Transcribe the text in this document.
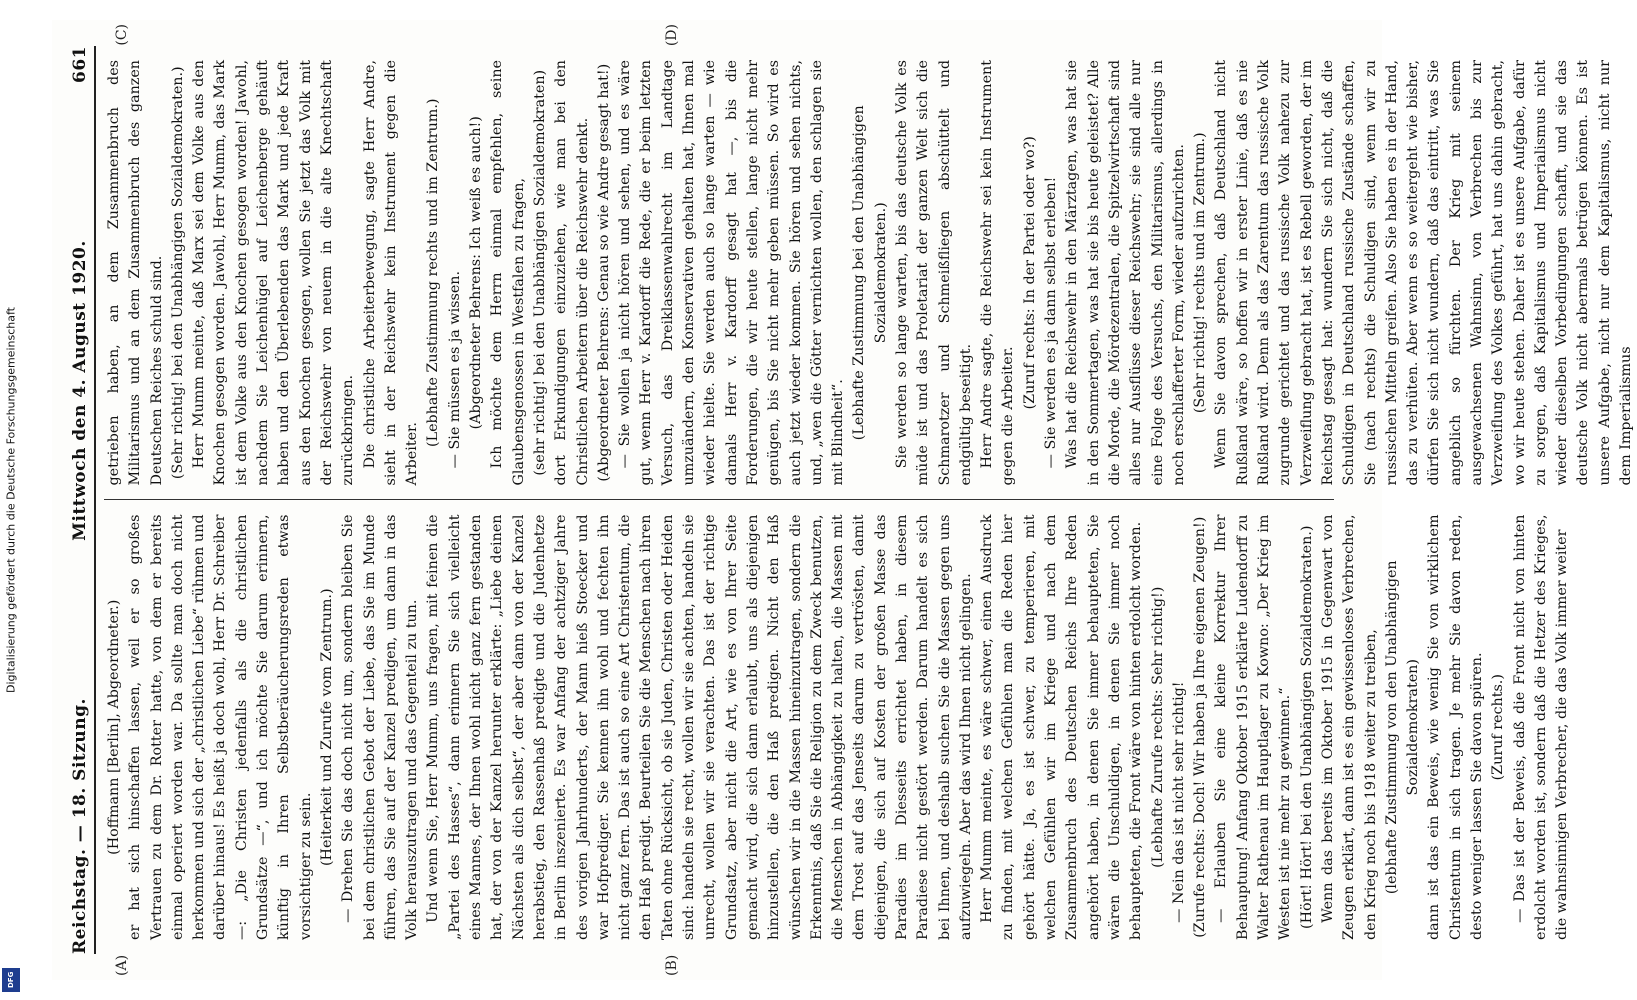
Digitalisierung gefördert durch die Deutsche Forschungsgemeinschaft
DFG
Reichstag. — 18. Sitzung.
Mittwoch den 4. August 1920.
661
(A)	(B)
(C)	(D)

(Hoffmann [Berlin], Abgeordneter.) er hat sich hinschaffen lassen, weil er so großes Vertrauen zu dem Dr. Rotter hatte, von dem er bereits einmal operiert worden war. Da sollte man doch nicht herkommen und sich der „christlichen Liebe“ rühmen und darüber hinaus! Es heißt ja doch wohl, Herr Dr. Schreiber —: „Die Christen jedenfalls als die christlichen Grundsätze —“, und ich möchte Sie darum erinnern, künftig in Ihren Selbstberäucherungsreden etwas vorsichtiger zu sein.

(Heiterkeit und Zurufe vom Zentrum.) — Drehen Sie das doch nicht um, sondern bleiben Sie bei dem christlichen Gebot der Liebe, das Sie im Munde führen, das Sie auf der Kanzel predigen, um dann in das Volk herauszutragen und das Gegenteil zu tun. Und wenn Sie, Herr Mumm, uns fragen, mit feinen die „Partei des Hasses“, dann erinnern Sie sich vielleicht eines Mannes, der Ihnen wohl nicht ganz fern gestanden hat, der von der Kanzel herunter erklärte: „Liebe deinen Nächsten als dich selbst“, der aber dann von der Kanzel herabstieg, den Rassenhaß predigte und die Judenhetze in Berlin inszenierte. Es war Anfang der achtziger Jahre des vorigen Jahrhunderts, der Mann hieß Stoecker und war Hofprediger. Sie kennen ihn wohl und fechten ihn nicht ganz fern. Das ist auch so eine Art Christentum, die den Haß predigt. Beurteilen Sie die Menschen nach ihren Taten ohne Rücksicht, ob sie Juden, Christen oder Heiden sind: handeln sie recht, wollen wir sie achten, handeln sie unrecht, wollen wir sie verachten. Das ist der richtige Grundsatz, aber nicht die Art, wie es von Ihrer Seite gemacht wird, die sich dann erlaubt, uns als diejenigen hinzustellen, die den Haß predigen. Nicht den Haß wünschen wir in die Massen hineinzutragen, sondern die Erkenntnis, daß Sie die Religion zu dem Zweck benutzen, die Menschen in Abhängigkeit zu halten, die Massen mit dem Trost auf das Jenseits darum zu vertrösten, damit diejenigen, die sich auf Kosten der großen Masse das Paradies im Diesseits errichtet haben, in diesem Paradiese nicht gestört werden. Darum handelt es sich bei Ihnen, und deshalb suchen Sie die Massen gegen uns aufzuwiegeln. Aber das wird Ihnen nicht gelingen. Herr Mumm meinte, es wäre schwer, einen Ausdruck zu finden, mit welchen Gefühlen man die Reden hier gehört hätte. Ja, es ist schwer, zu temperieren, mit welchen Gefühlen wir im Kriege und nach dem Zusammenbruch des Deutschen Reichs Ihre Reden angehört haben, in denen Sie immer behaupteten, Sie wären die Unschuldigen, in denen Sie immer noch behaupteten, die Front wäre von hinten erdolcht worden. (Lebhafte Zurufe rechts: Sehr richtig!) — Nein das ist nicht sehr richtig! (Zurufe rechts: Doch! Wir haben ja Ihre eigenen Zeugen!) — Erlauben Sie eine kleine Korrektur Ihrer Behauptung! Anfang Oktober 1915 erklärte Ludendorff zu Walter Rathenau im Hauptlager zu Kowno: „Der Krieg im Westen ist nie mehr zu gewinnen.“ (Hört! Hört! bei den Unabhängigen Sozialdemokraten.) Wenn das bereits im Oktober 1915 in Gegenwart von Zeugen erklärt, dann ist es ein gewissenloses Verbrechen, den Krieg noch bis 1918 weiter zu treiben, (lebhafte Zustimmung von den Unabhängigen Sozialdemokraten) dann ist das ein Beweis, wie wenig Sie von wirklichem Christentum in sich tragen. Je mehr Sie davon reden, desto weniger lassen Sie davon spüren. (Zuruf rechts.) — Das ist der Beweis, daß die Front nicht von hinten erdolcht worden ist, sondern daß die Hetzer des Krieges, die wahnsinnigen Verbrecher, die das Volk immer weiter

getrieben haben, an dem Zusammenbruch des Militarismus und an dem Zusammenbruch des ganzen Deutschen Reiches schuld sind. (Sehr richtig! bei den Unabhängigen Sozialdemokraten.) Herr Mumm meinte, daß Marx sei dem Volke aus den Knochen gesogen worden. Jawohl, Herr Mumm, das Mark ist dem Volke aus den Knochen gesogen worden! Jawohl, nachdem Sie Leichenhügel auf Leichenberge gehäuft haben und den Überlebenden das Mark und jede Kraft aus den Knochen gesogen, wollen Sie jetzt das Volk mit der Reichswehr von neuem in die alte Knechtschaft zurückbringen. Die christliche Arbeiterbewegung, sagte Herr Andre, sieht in der Reichswehr kein Instrument gegen die Arbeiter.

(Lebhafte Zustimmung rechts und im Zentrum.) — Sie müssen es ja wissen. (Abgeordneter Behrens: Ich weiß es auch!) Ich möchte dem Herrn einmal empfehlen, seine Glaubensgenossen in Westfalen zu fragen, (sehr richtig! bei den Unabhängigen Sozialdemokraten) dort Erkundigungen einzuziehen, wie man bei den Christlichen Arbeitern über die Reichswehr denkt. (Abgeordneter Behrens: Genau so wie Andre gesagt hat!) — Sie wollen ja nicht hören und sehen, und es wäre gut, wenn Herr v. Kardorff die Rede, die er beim letzten Versuch, das Dreiklassenwahlrecht im Landtage umzuändern, den Konservativen gehalten hat, Ihnen mal wieder hielte. Sie werden auch so lange warten — wie damals Herr v. Kardorff gesagt hat —, bis die Forderungen, die wir heute stellen, lange nicht mehr genügen, bis Sie nicht mehr geben müssen. So wird es auch jetzt wieder kommen. Sie hören und sehen nichts, und, „wen die Götter vernichten wollen, den schlagen sie mit Blindheit“. (Lebhafte Zustimmung bei den Unabhängigen Sozialdemokraten.) Sie werden so lange warten, bis das deutsche Volk es müde ist und das Proletariat der ganzen Welt sich die Schmarotzer und Schmeißfliegen abschüttelt und endgültig beseitigt. Herr Andre sagte, die Reichswehr sei kein Instrument gegen die Arbeiter.

(Zuruf rechts: In der Partei oder wo?) — Sie werden es ja dann selbst erleben! Was hat die Reichswehr in den Märztagen, was hat sie in den Sommertagen, was hat sie bis heute geleistet? Alle die Morde, die Mördezentralen, die Spitzelwirtschaft sind alles nur Ausflüsse dieser Reichswehr; sie sind alle nur eine Folge des Versuchs, den Militarismus, allerdings in noch erschlafferter Form, wieder aufzurichten. (Sehr richtig! rechts und im Zentrum.) Wenn Sie davon sprechen, daß Deutschland nicht Rußland wäre, so hoffen wir in erster Linie, daß es nie Rußland wird. Denn als das Zarentum das russische Volk zugrunde gerichtet und das russische Volk nahezu zur Verzweiflung gebracht hat, ist es Rebell geworden, der im Reichstag gesagt hat: wundern Sie sich nicht, daß die Schuldigen in Deutschland russische Zustände schaffen, Sie (nach rechts) die Schuldigen sind, wenn wir zu russischen Mitteln greifen. Also Sie haben es in der Hand, das zu verhüten. Aber wenn es so weitergeht wie bisher, dürfen Sie sich nicht wundern, daß das eintritt, was Sie angeblich so fürchten. Der Krieg mit seinem ausgewachsenen Wahnsinn, von Verbrechen bis zur Verzweiflung des Volkes geführt, hat uns dahin gebracht, wo wir heute stehen. Daher ist es unsere Aufgabe, dafür zu sorgen, daß Kapitalismus und Imperialismus nicht wieder dieselben Vorbedingungen schafft, und sie das deutsche Volk nicht abermals betrügen können. Es ist unsere Aufgabe, nicht nur dem Kapitalismus, nicht nur dem Imperialismus
